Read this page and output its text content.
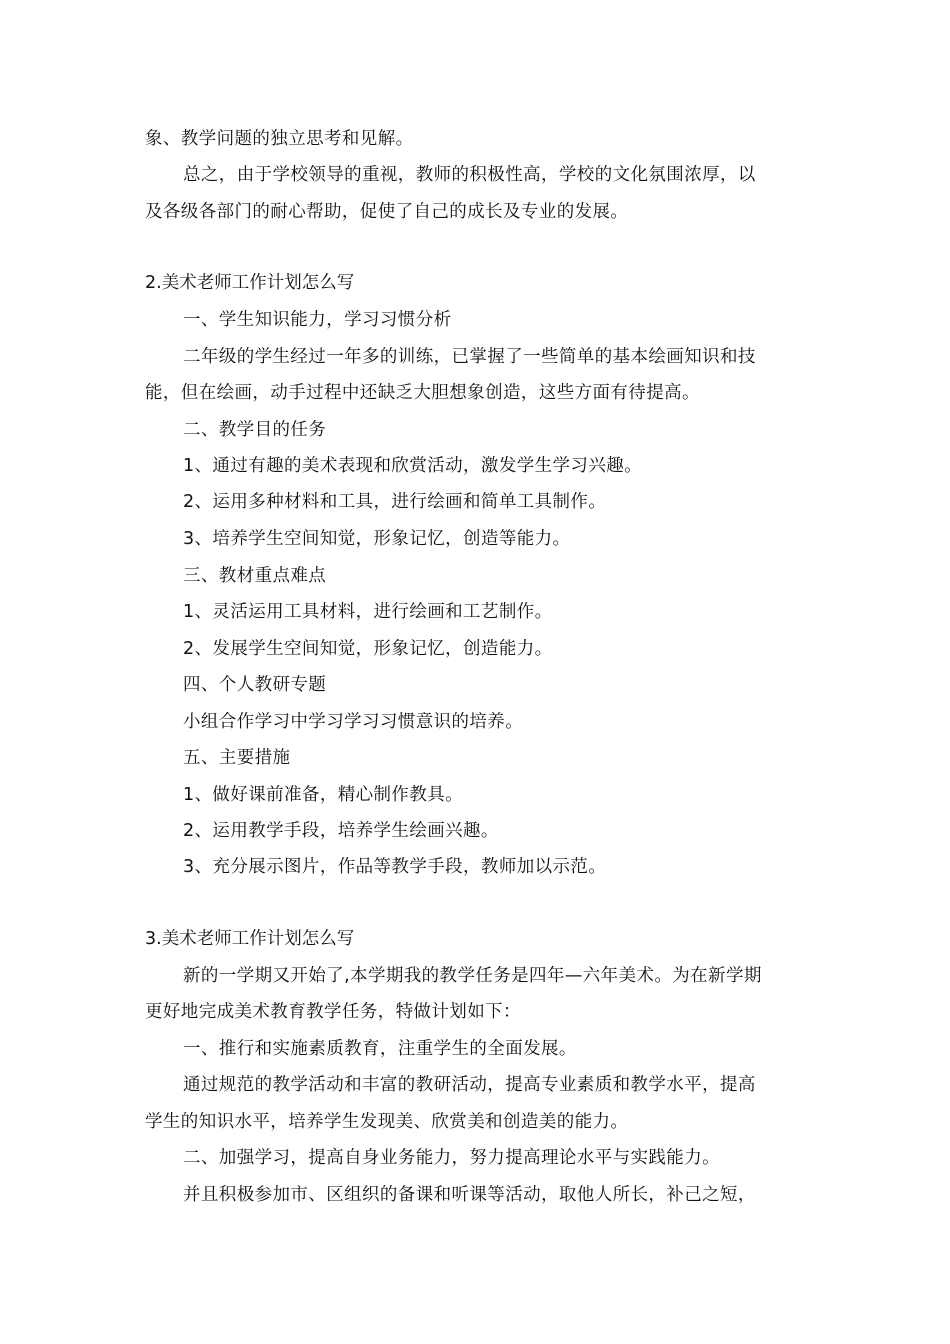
象、教学问题的独立思考和见解。
总之，由于学校领导的重视，教师的积极性高，学校的文化氛围浓厚，以
及各级各部门的耐心帮助，促使了自己的成长及专业的发展。
2.美术老师工作计划怎么写
一、学生知识能力，学习习惯分析
二年级的学生经过一年多的训练，已掌握了一些简单的基本绘画知识和技
能，但在绘画，动手过程中还缺乏大胆想象创造，这些方面有待提高。
二、教学目的任务
1、通过有趣的美术表现和欣赏活动，激发学生学习兴趣。
2、运用多种材料和工具，进行绘画和简单工具制作。
3、培养学生空间知觉，形象记忆，创造等能力。
三、教材重点难点
1、灵活运用工具材料，进行绘画和工艺制作。
2、发展学生空间知觉，形象记忆，创造能力。
四、个人教研专题
小组合作学习中学习学习习惯意识的培养。
五、主要措施
1、做好课前准备，精心制作教具。
2、运用教学手段，培养学生绘画兴趣。
3、充分展示图片，作品等教学手段，教师加以示范。
3.美术老师工作计划怎么写
新的一学期又开始了,本学期我的教学任务是四年—六年美术。为在新学期
更好地完成美术教育教学任务，特做计划如下：
一、推行和实施素质教育，注重学生的全面发展。
通过规范的教学活动和丰富的教研活动，提高专业素质和教学水平，提高
学生的知识水平，培养学生发现美、欣赏美和创造美的能力。
二、加强学习，提高自身业务能力，努力提高理论水平与实践能力。
并且积极参加市、区组织的备课和听课等活动，取他人所长，补己之短，
